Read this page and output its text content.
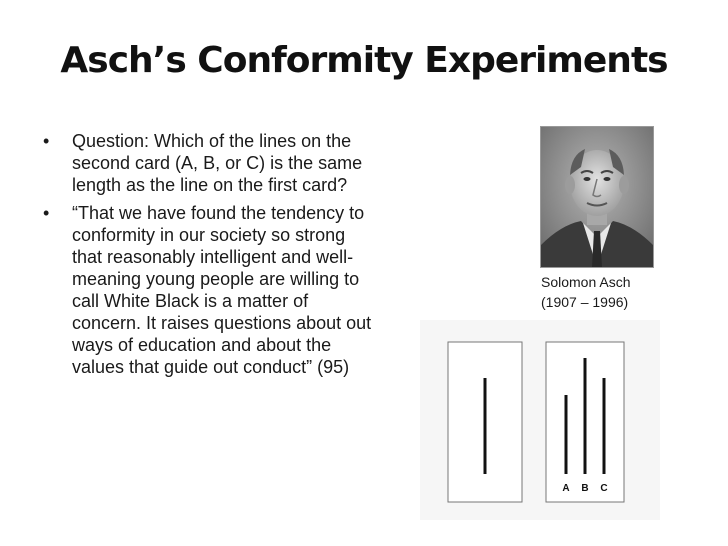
Asch’s Conformity Experiments
• Question: Which of the lines on the second card (A, B, or C) is the same length as the line on the first card?
• “That we have found the tendency to conformity in our society so strong that reasonably intelligent and well-meaning young people are willing to call White Black is a matter of concern. It raises questions about out ways of education and about the values that guide out conduct” (95)
Solomon Asch
(1907 – 1996)
A B C
